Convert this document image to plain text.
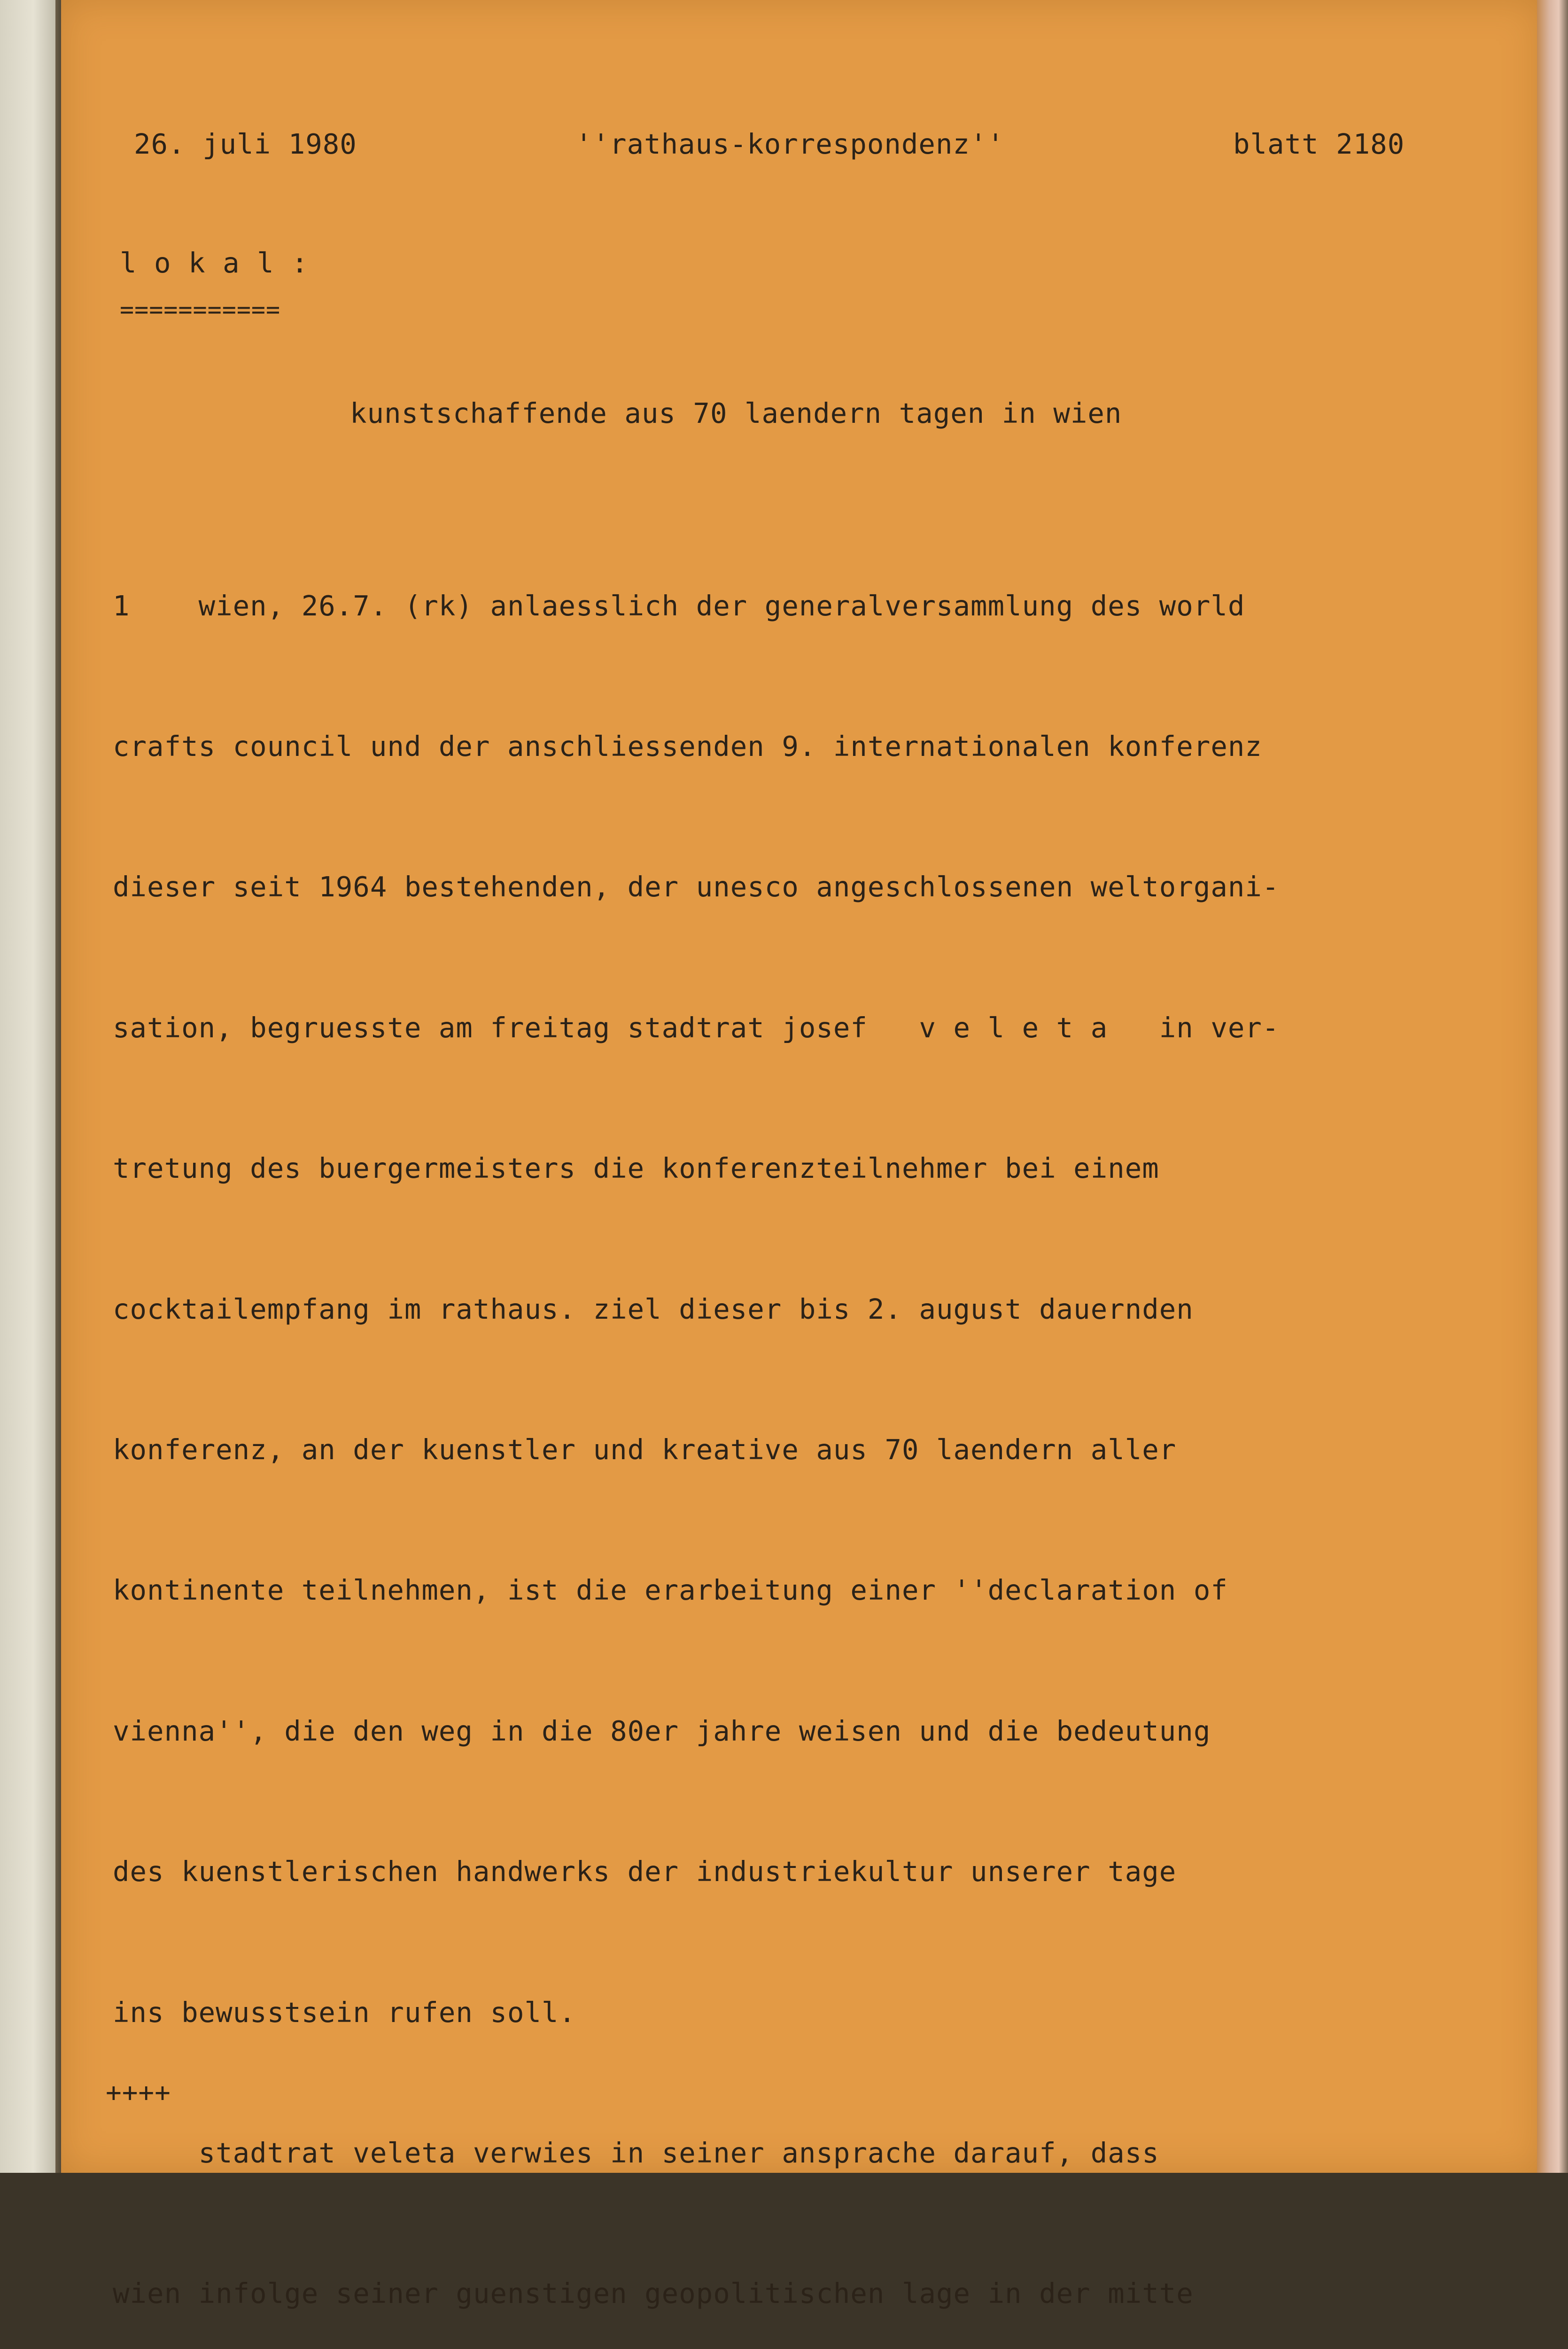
26. juli 1980	''rathaus-korrespondenz''	blatt 2180
l o k a l :
===========
kunstschaffende aus 70 laendern tagen in wien

1    wien, 26.7. (rk) anlaesslich der generalversammlung des world

crafts council und der anschliessenden 9. internationalen konferenz

dieser seit 1964 bestehenden, der unesco angeschlossenen weltorgani-

sation, begruesste am freitag stadtrat josef   v e l e t a   in ver-

tretung des buergermeisters die konferenzteilnehmer bei einem

cocktailempfang im rathaus. ziel dieser bis 2. august dauernden

konferenz, an der kuenstler und kreative aus 70 laendern aller

kontinente teilnehmen, ist die erarbeitung einer ''declaration of

vienna'', die den weg in die 80er jahre weisen und die bedeutung

des kuenstlerischen handwerks der industriekultur unserer tage

ins bewusstsein rufen soll.

stadtrat veleta verwies in seiner ansprache darauf, dass

wien infolge seiner guenstigen geopolitischen lage in der mitte

++++
